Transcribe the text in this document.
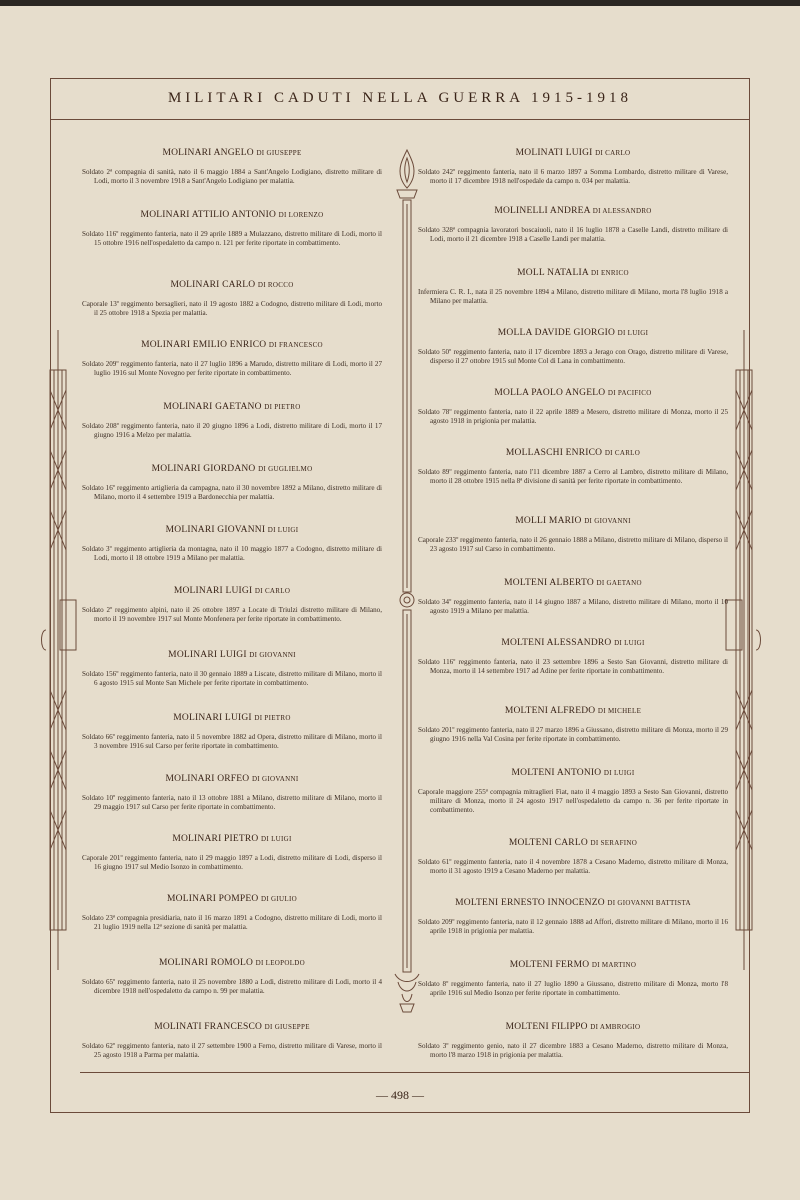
MILITARI CADUTI NELLA GUERRA 1915-1918
MOLINARI ANGELO DI GIUSEPPE
Soldato 2ª compagnia di sanità, nato il 6 maggio 1884 a Sant'Angelo Lodigiano, distretto militare di Lodi, morto il 3 novembre 1918 a Sant'Angelo Lodigiano per malattia.
MOLINARI ATTILIO ANTONIO DI LORENZO
Soldato 116º reggimento fanteria, nato il 29 aprile 1889 a Mulazzano, distretto militare di Lodi, morto il 15 ottobre 1916 nell'ospedaletto da campo n. 121 per ferite riportate in combattimento.
MOLINARI CARLO DI ROCCO
Caporale 13º reggimento bersaglieri, nato il 19 agosto 1882 a Codogno, distretto militare di Lodi, morto il 25 ottobre 1918 a Spezia per malattia.
MOLINARI EMILIO ENRICO DI FRANCESCO
Soldato 209º reggimento fanteria, nato il 27 luglio 1896 a Marudo, distretto militare di Lodi, morto il 27 luglio 1916 sul Monte Novegno per ferite riportate in combattimento.
MOLINARI GAETANO DI PIETRO
Soldato 208º reggimento fanteria, nato il 20 giugno 1896 a Lodi, distretto militare di Lodi, morto il 17 giugno 1916 a Melzo per malattia.
MOLINARI GIORDANO DI GUGLIELMO
Soldato 16º reggimento artiglieria da campagna, nato il 30 novembre 1892 a Milano, distretto militare di Milano, morto il 4 settembre 1919 a Bardonecchia per malattia.
MOLINARI GIOVANNI DI LUIGI
Soldato 3º reggimento artiglieria da montagna, nato il 10 maggio 1877 a Codogno, distretto militare di Lodi, morto il 18 ottobre 1919 a Milano per malattia.
MOLINARI LUIGI DI CARLO
Soldato 2º reggimento alpini, nato il 26 ottobre 1897 a Locate di Triulzi distretto militare di Milano, morto il 19 novembre 1917 sul Monte Monfenera per ferite riportate in combattimento.
MOLINARI LUIGI DI GIOVANNI
Soldato 156º reggimento fanteria, nato il 30 gennaio 1889 a Liscate, distretto militare di Milano, morto il 6 agosto 1915 sul Monte San Michele per ferite riportate in combattimento.
MOLINARI LUIGI DI PIETRO
Soldato 66º reggimento fanteria, nato il 5 novembre 1882 ad Opera, distretto militare di Milano, morto il 3 novembre 1916 sul Carso per ferite riportate in combattimento.
MOLINARI ORFEO DI GIOVANNI
Soldato 10º reggimento fanteria, nato il 13 ottobre 1881 a Milano, distretto militare di Milano, morto il 29 maggio 1917 sul Carso per ferite riportate in combattimento.
MOLINARI PIETRO DI LUIGI
Caporale 201º reggimento fanteria, nato il 29 maggio 1897 a Lodi, distretto militare di Lodi, disperso il 16 giugno 1917 sul Medio Isonzo in combattimento.
MOLINARI POMPEO DI GIULIO
Soldato 23ª compagnia presidiaria, nato il 16 marzo 1891 a Codogno, distretto militare di Lodi, morto il 21 luglio 1919 nella 12ª sezione di sanità per malattia.
MOLINARI ROMOLO DI LEOPOLDO
Soldato 65º reggimento fanteria, nato il 25 novembre 1880 a Lodi, distretto militare di Lodi, morto il 4 dicembre 1918 nell'ospedaletto da campo n. 99 per malattia.
MOLINATI FRANCESCO DI GIUSEPPE
Soldato 62º reggimento fanteria, nato il 27 settembre 1900 a Ferno, distretto militare di Varese, morto il 25 agosto 1918 a Parma per malattia.
MOLINATI LUIGI DI CARLO
Soldato 242º reggimento fanteria, nato il 6 marzo 1897 a Somma Lombardo, distretto militare di Varese, morto il 17 dicembre 1918 nell'ospedale da campo n. 034 per malattia.
MOLINELLI ANDREA DI ALESSANDRO
Soldato 328ª compagnia lavoratori boscaiuoli, nato il 16 luglio 1878 a Caselle Landi, distretto militare di Lodi, morto il 21 dicembre 1918 a Caselle Landi per malattia.
MOLL NATALIA DI ENRICO
Infermiera C. R. I., nata il 25 novembre 1894 a Milano, distretto militare di Milano, morta l'8 luglio 1918 a Milano per malattia.
MOLLA DAVIDE GIORGIO DI LUIGI
Soldato 50º reggimento fanteria, nato il 17 dicembre 1893 a Jerago con Orago, distretto militare di Varese, disperso il 27 ottobre 1915 sul Monte Col di Lana in combattimento.
MOLLA PAOLO ANGELO DI PACIFICO
Soldato 78º reggimento fanteria, nato il 22 aprile 1889 a Mesero, distretto militare di Monza, morto il 25 agosto 1918 in prigionia per malattia.
MOLLASCHI ENRICO DI CARLO
Soldato 89º reggimento fanteria, nato l'11 dicembre 1887 a Cerro al Lambro, distretto militare di Milano, morto il 28 ottobre 1915 nella 8ª divisione di sanità per ferite riportate in combattimento.
MOLLI MARIO DI GIOVANNI
Caporale 233º reggimento fanteria, nato il 26 gennaio 1888 a Milano, distretto militare di Milano, disperso il 23 agosto 1917 sul Carso in combattimento.
MOLTENI ALBERTO DI GAETANO
Soldato 34º reggimento fanteria, nato il 14 giugno 1887 a Milano, distretto militare di Milano, morto il 10 agosto 1919 a Milano per malattia.
MOLTENI ALESSANDRO DI LUIGI
Soldato 116º reggimento fanteria, nato il 23 settembre 1896 a Sesto San Giovanni, distretto militare di Monza, morto il 14 settembre 1917 ad Adine per ferite riportate in combattimento.
MOLTENI ALFREDO DI MICHELE
Soldato 201º reggimento fanteria, nato il 27 marzo 1896 a Giussano, distretto militare di Monza, morto il 29 giugno 1916 nella Val Cosina per ferite riportate in combattimento.
MOLTENI ANTONIO DI LUIGI
Caporale maggiore 255ª compagnia mitraglieri Fiat, nato il 4 maggio 1893 a Sesto San Giovanni, distretto militare di Monza, morto il 24 agosto 1917 nell'ospedaletto da campo n. 36 per ferite riportate in combattimento.
MOLTENI CARLO DI SERAFINO
Soldato 61º reggimento fanteria, nato il 4 novembre 1878 a Cesano Maderno, distretto militare di Monza, morto il 31 agosto 1919 a Cesano Maderno per malattia.
MOLTENI ERNESTO INNOCENZO DI GIOVANNI BATTISTA
Soldato 209º reggimento fanteria, nato il 12 gennaio 1888 ad Affori, distretto militare di Milano, morto il 16 aprile 1918 in prigionia per malattia.
MOLTENI FERMO DI MARTINO
Soldato 8º reggimento fanteria, nato il 27 luglio 1890 a Giussano, distretto militare di Monza, morto l'8 aprile 1916 sul Medio Isonzo per ferite riportate in combattimento.
MOLTENI FILIPPO DI AMBROGIO
Soldato 3º reggimento genio, nato il 27 dicembre 1883 a Cesano Maderno, distretto militare di Monza, morto l'8 marzo 1918 in prigionia per malattia.
— 498 —
